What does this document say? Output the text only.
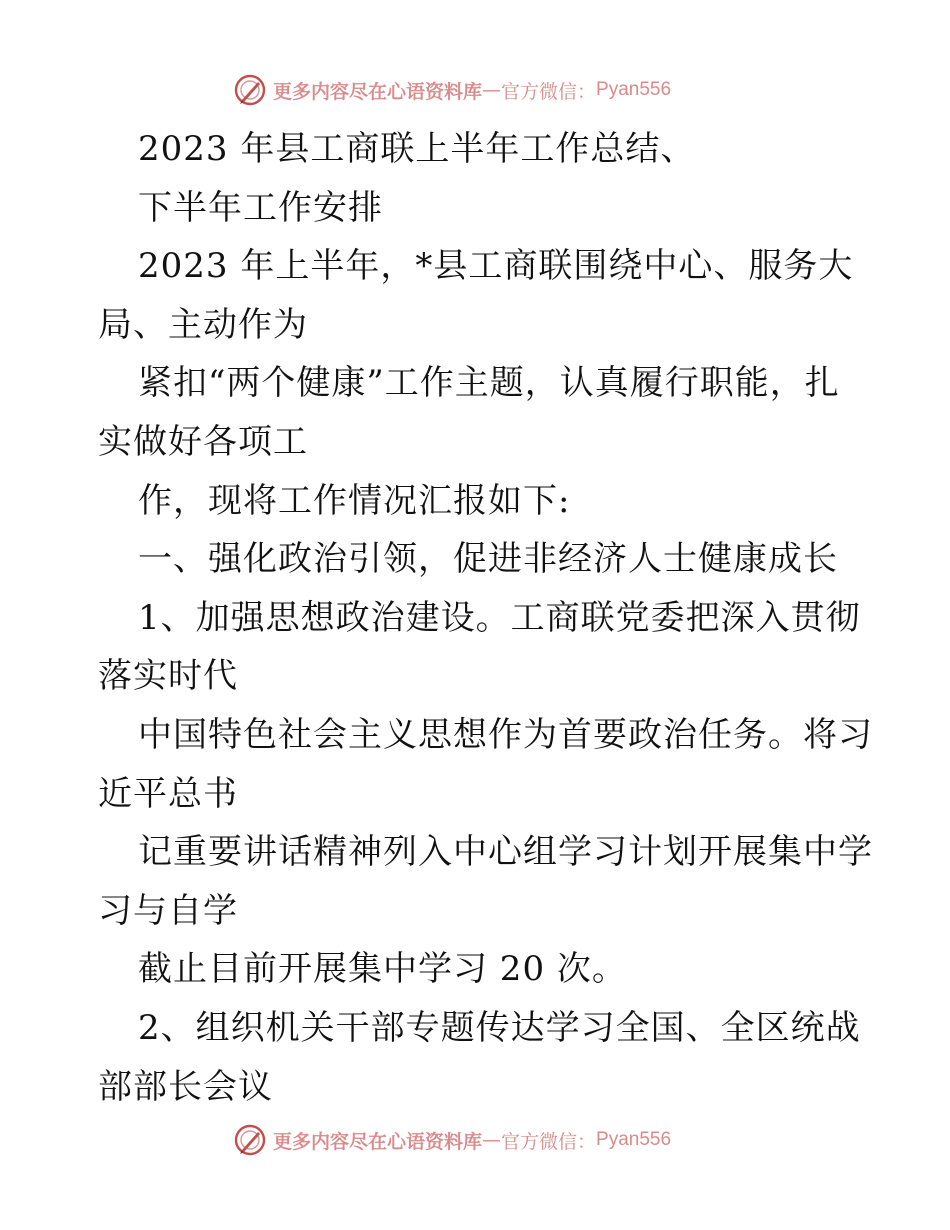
更多内容尽在心语资料库 — 官方微信： Pyan556
2023 年县工商联上半年工作总结、
下半年工作安排
2023 年上半年，*县工商联围绕中心、服务大
局、主动作为
紧扣“两个健康”工作主题，认真履行职能，扎
实做好各项工
作，现将工作情况汇报如下:
一、强化政治引领，促进非经济人士健康成长
1、加强思想政治建设。工商联党委把深入贯彻
落实时代
中国特色社会主义思想作为首要政治任务。将习
近平总书
记重要讲话精神列入中心组学习计划开展集中学
习与自学
截止目前开展集中学习 20 次。
2、组织机关干部专题传达学习全国、全区统战
部部长会议
更多内容尽在心语资料库 — 官方微信： Pyan556
